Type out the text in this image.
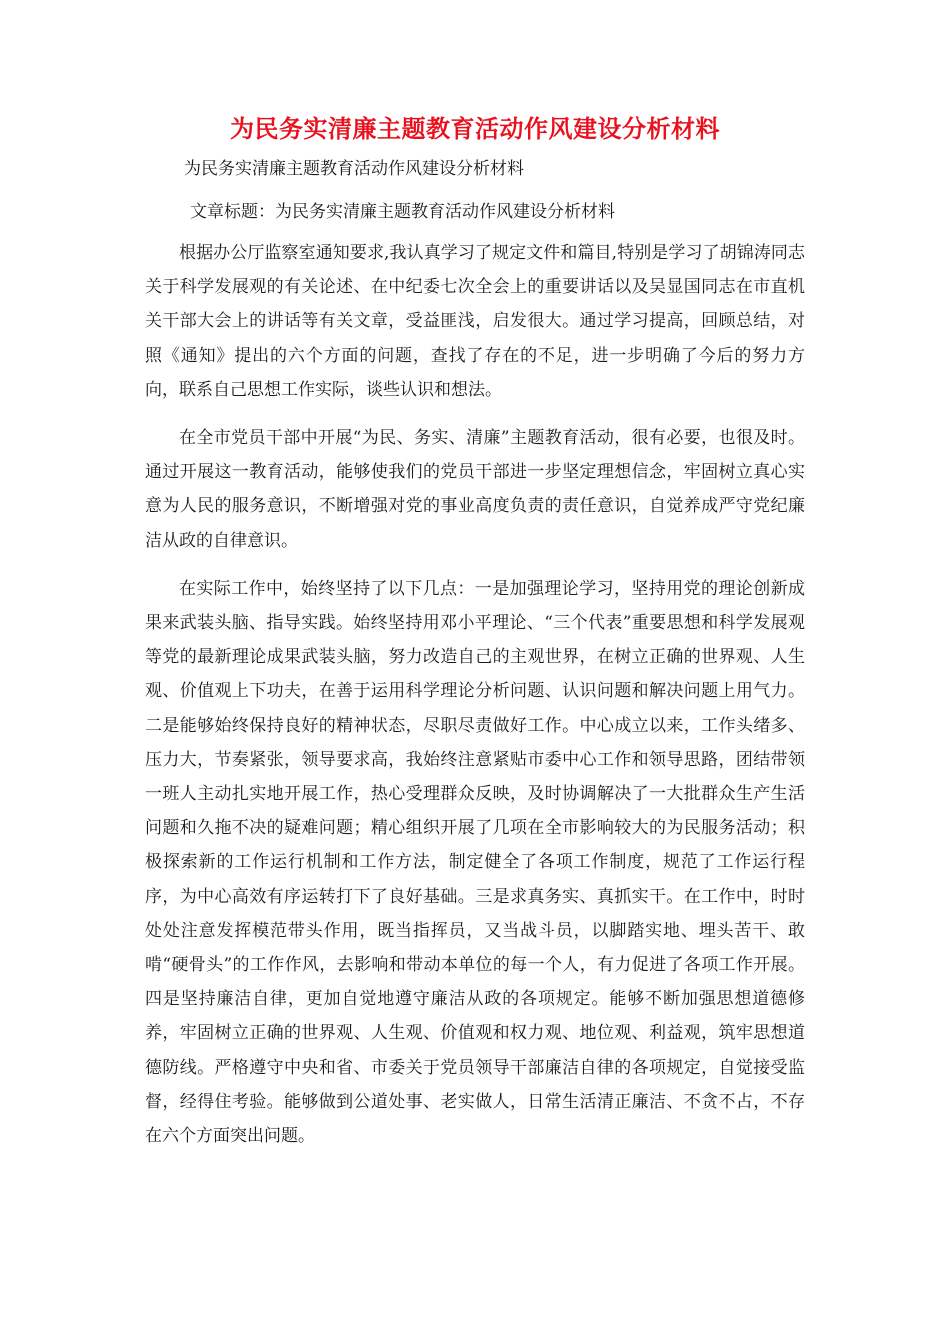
为民务实清廉主题教育活动作风建设分析材料
为民务实清廉主题教育活动作风建设分析材料
文章标题：为民务实清廉主题教育活动作风建设分析材料

根据办公厅监察室通知要求,我认真学习了规定文件和篇目,特别是学习了胡锦涛同志关于科学发展观的有关论述、在中纪委七次全会上的重要讲话以及吴显国同志在市直机关干部大会上的讲话等有关文章，受益匪浅，启发很大。通过学习提高，回顾总结，对照《通知》提出的六个方面的问题，查找了存在的不足，进一步明确了今后的努力方向，联系自己思想工作实际，谈些认识和想法。

在全市党员干部中开展“为民、务实、清廉”主题教育活动，很有必要，也很及时。通过开展这一教育活动，能够使我们的党员干部进一步坚定理想信念，牢固树立真心实意为人民的服务意识，不断增强对党的事业高度负责的责任意识，自觉养成严守党纪廉洁从政的自律意识。

在实际工作中，始终坚持了以下几点：一是加强理论学习，坚持用党的理论创新成果来武装头脑、指导实践。始终坚持用邓小平理论、“三个代表”重要思想和科学发展观等党的最新理论成果武装头脑，努力改造自己的主观世界，在树立正确的世界观、人生观、价值观上下功夫，在善于运用科学理论分析问题、认识问题和解决问题上用气力。二是能够始终保持良好的精神状态，尽职尽责做好工作。中心成立以来，工作头绪多、压力大，节奏紧张，领导要求高，我始终注意紧贴市委中心工作和领导思路，团结带领一班人主动扎实地开展工作，热心受理群众反映，及时协调解决了一大批群众生产生活问题和久拖不决的疑难问题；精心组织开展了几项在全市影响较大的为民服务活动；积极探索新的工作运行机制和工作方法，制定健全了各项工作制度，规范了工作运行程序，为中心高效有序运转打下了良好基础。三是求真务实、真抓实干。在工作中，时时处处注意发挥模范带头作用，既当指挥员，又当战斗员，以脚踏实地、埋头苦干、敢啃“硬骨头”的工作作风，去影响和带动本单位的每一个人，有力促进了各项工作开展。四是坚持廉洁自律，更加自觉地遵守廉洁从政的各项规定。能够不断加强思想道德修养，牢固树立正确的世界观、人生观、价值观和权力观、地位观、利益观，筑牢思想道德防线。严格遵守中央和省、市委关于党员领导干部廉洁自律的各项规定，自觉接受监督，经得住考验。能够做到公道处事、老实做人，日常生活清正廉洁、不贪不占，不存在六个方面突出问题。
